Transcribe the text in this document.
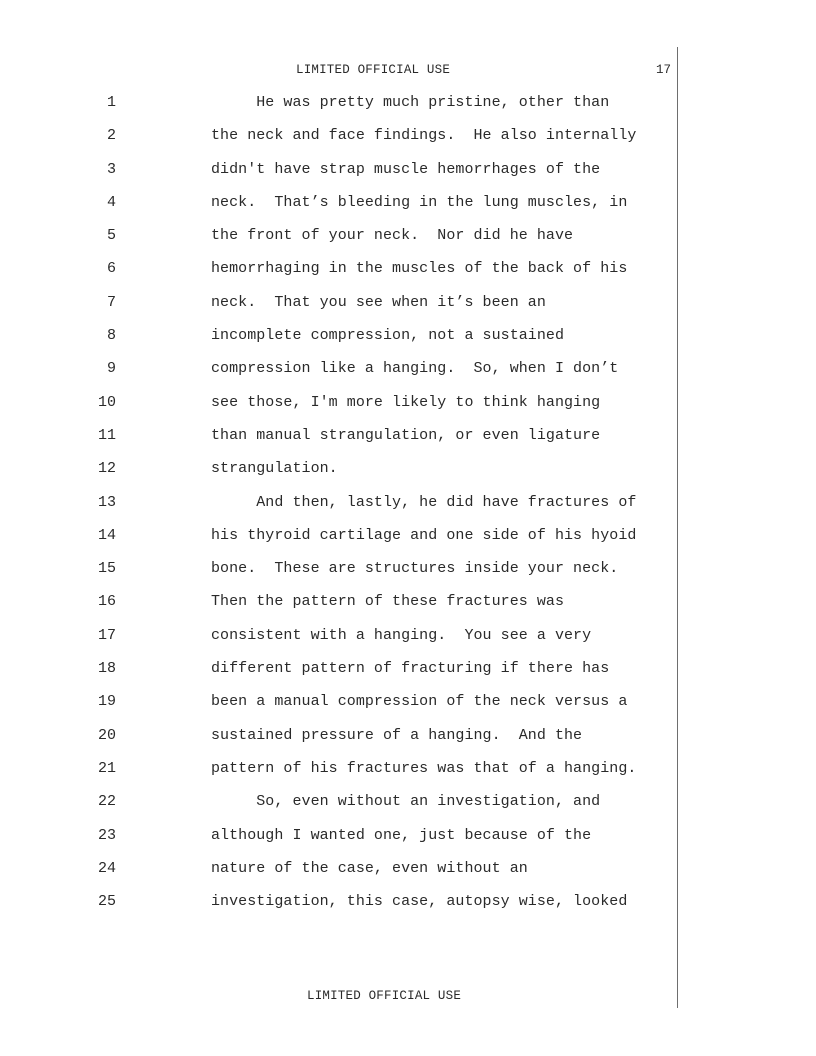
LIMITED OFFICIAL USE	17
1	He was pretty much pristine, other than
2	the neck and face findings.  He also internally
3	didn't have strap muscle hemorrhages of the
4	neck.  That’s bleeding in the lung muscles, in
5	the front of your neck.  Nor did he have
6	hemorrhaging in the muscles of the back of his
7	neck.  That you see when it’s been an
8	incomplete compression, not a sustained
9	compression like a hanging.  So, when I don’t
10	see those, I'm more likely to think hanging
11	than manual strangulation, or even ligature
12	strangulation.
13	And then, lastly, he did have fractures of
14	his thyroid cartilage and one side of his hyoid
15	bone.  These are structures inside your neck.
16	Then the pattern of these fractures was
17	consistent with a hanging.  You see a very
18	different pattern of fracturing if there has
19	been a manual compression of the neck versus a
20	sustained pressure of a hanging.  And the
21	pattern of his fractures was that of a hanging.
22	So, even without an investigation, and
23	although I wanted one, just because of the
24	nature of the case, even without an
25	investigation, this case, autopsy wise, looked
LIMITED OFFICIAL USE
